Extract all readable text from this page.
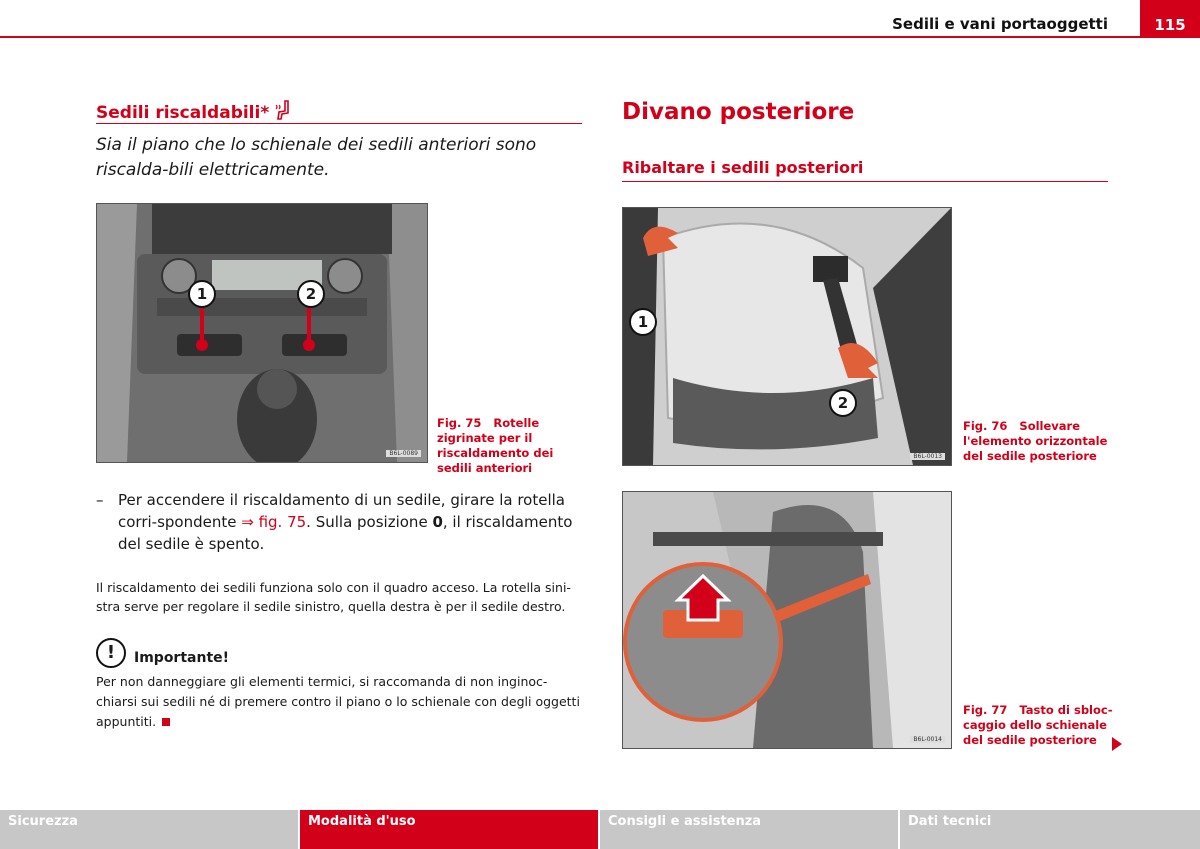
Sedili e vani portaoggetti	115
Sedili riscaldabili*
Sia il piano che lo schienale dei sedili anteriori sono riscalda-bili elettricamente.
1	2
B6L-0089
Fig. 75 Rotelle zigrinate per il riscaldamento dei sedili anteriori
– Per accendere il riscaldamento di un sedile, girare la rotella corri-spondente ⇒ fig. 75. Sulla posizione 0, il riscaldamento del sedile è spento.
Il riscaldamento dei sedili funziona solo con il quadro acceso. La rotella sini-stra serve per regolare il sedile sinistro, quella destra è per il sedile destro.
!	Importante!
Per non danneggiare gli elementi termici, si raccomanda di non inginoc-chiarsi sui sedili né di premere contro il piano o lo schienale con degli oggetti appuntiti.
Divano posteriore
Ribaltare i sedili posteriori
1
2
B6L-0013
Fig. 76 Sollevare l'elemento orizzontale del sedile posteriore
B6L-0014
Fig. 77 Tasto di sbloc-caggio dello schienale del sedile posteriore
Sicurezza	Modalità d'uso	Consigli e assistenza	Dati tecnici
